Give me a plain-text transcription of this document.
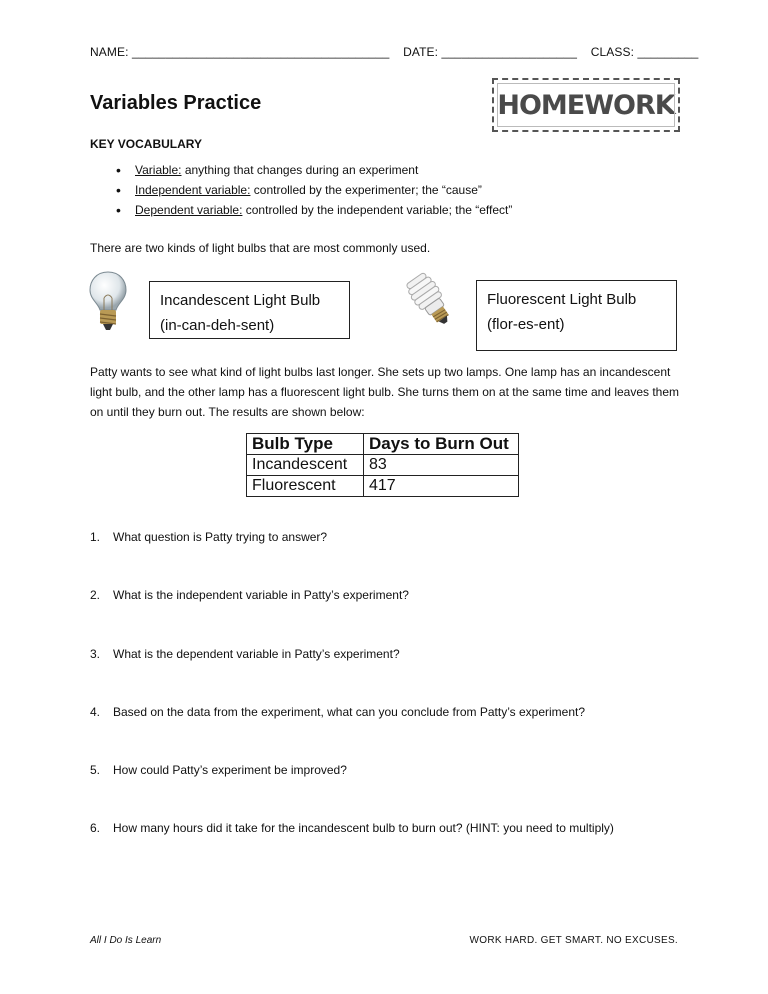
NAME: ______________________________________ DATE: ____________________ CLASS: _________
Variables Practice	HOMEWORK
KEY VOCABULARY
• Variable: anything that changes during an experiment
• Independent variable: controlled by the experimenter; the “cause”
• Dependent variable: controlled by the independent variable; the “effect”
There are two kinds of light bulbs that are most commonly used.
Incandescent Light Bulb
(in-can-deh-sent)
Fluorescent Light Bulb
(flor-es-ent)
Patty wants to see what kind of light bulbs last longer. She sets up two lamps. One lamp has an incandescent light bulb, and the other lamp has a fluorescent light bulb. She turns them on at the same time and leaves them on until they burn out. The results are shown below:
Bulb Type	Days to Burn Out
Incandescent	83
Fluorescent	417
1. What question is Patty trying to answer?
2. What is the independent variable in Patty’s experiment?
3. What is the dependent variable in Patty’s experiment?
4. Based on the data from the experiment, what can you conclude from Patty’s experiment?
5. How could Patty’s experiment be improved?
6. How many hours did it take for the incandescent bulb to burn out? (HINT: you need to multiply)
All I Do Is Learn	WORK HARD. GET SMART. NO EXCUSES.
